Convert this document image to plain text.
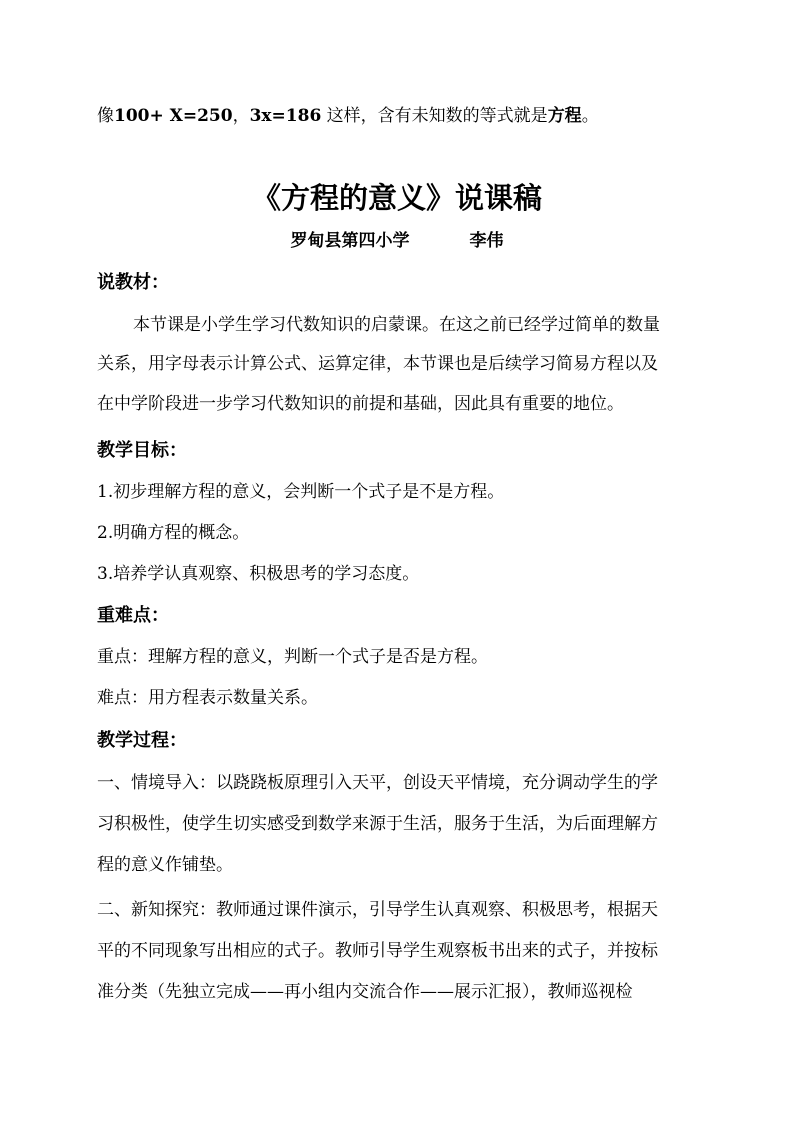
像100+ X=250，3x=186 这样，含有未知数的等式就是方程。
《方程的意义》说课稿
罗甸县第四小学	李伟
说教材：
本节课是小学生学习代数知识的启蒙课。在这之前已经学过简单的数量
关系，用字母表示计算公式、运算定律，本节课也是后续学习简易方程以及
在中学阶段进一步学习代数知识的前提和基础，因此具有重要的地位。
教学目标：
1.初步理解方程的意义，会判断一个式子是不是方程。
2.明确方程的概念。
3.培养学认真观察、积极思考的学习态度。
重难点：
重点：理解方程的意义，判断一个式子是否是方程。
难点：用方程表示数量关系。
教学过程：
一、情境导入：以跷跷板原理引入天平，创设天平情境，充分调动学生的学
习积极性，使学生切实感受到数学来源于生活，服务于生活，为后面理解方
程的意义作铺垫。
二、新知探究：教师通过课件演示，引导学生认真观察、积极思考，根据天
平的不同现象写出相应的式子。教师引导学生观察板书出来的式子，并按标
准分类（先独立完成——再小组内交流合作——展示汇报），教师巡视检
